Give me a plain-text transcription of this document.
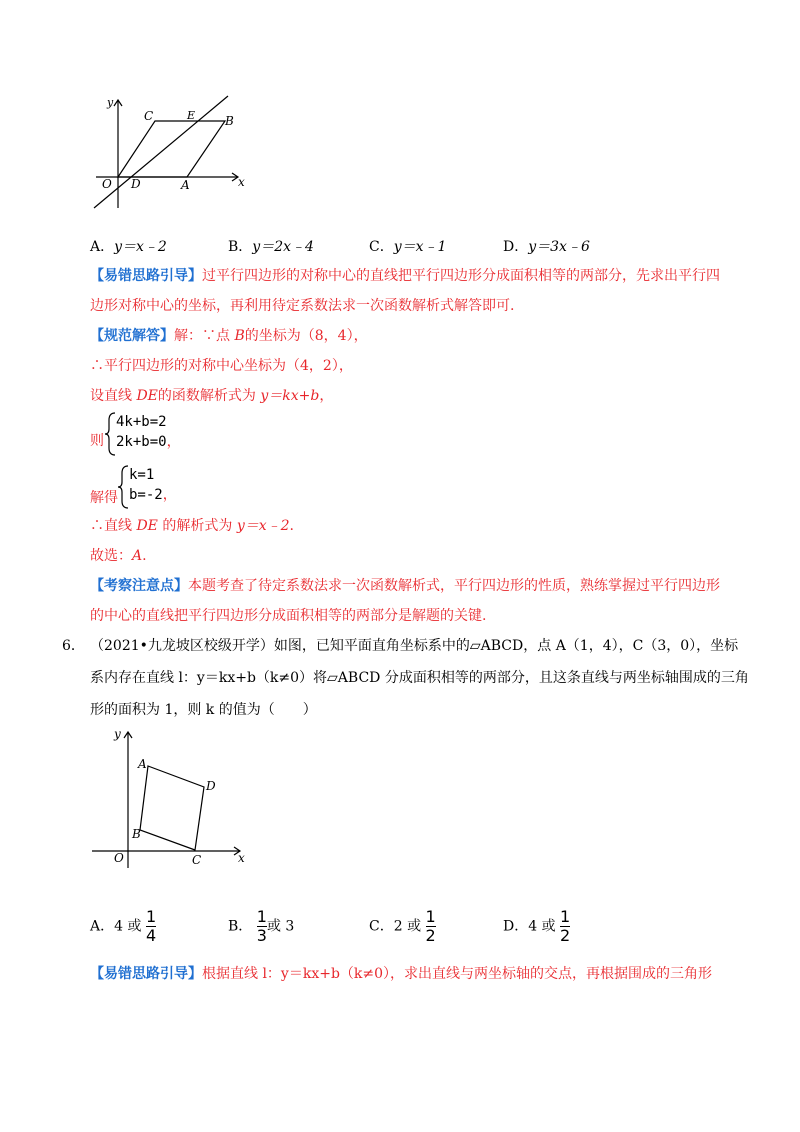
y
x
O
C	E B
D	A
A．y＝x﹣2	B．y＝2x﹣4	C．y＝x﹣1	D．y＝3x﹣6
【易错思路引导】过平行四边形的对称中心的直线把平行四边形分成面积相等的两部分，先求出平行四
边形对称中心的坐标，再利用待定系数法求一次函数解析式解答即可.
【规范解答】解：∵点 B的坐标为（8，4），
∴平行四边形的对称中心坐标为（4，2），
设直线 DE的函数解析式为 y＝kx+b，
则
4k+b=2
2k+b=0，
解得
k=1
b=-2，
∴直线 DE 的解析式为 y＝x﹣2.
故选：A.
【考察注意点】本题考查了待定系数法求一次函数解析式，平行四边形的性质，熟练掌握过平行四边形
的中心的直线把平行四边形分成面积相等的两部分是解题的关键.
6． （2021•九龙坡区校级开学）如图，已知平面直角坐标系中的▱ABCD，点 A（1，4），C（3，0），坐标
系内存在直线 l：y＝kx+b（k≠0）将▱ABCD 分成面积相等的两部分，且这条直线与两坐标轴围成的三角
形的面积为 1，则 k 的值为（　　）
y
x
O
A
B
C
D
A．4 或 $\frac{1}{4}$	B． $\frac{1}{3}$ 或 3	C．2 或 $\frac{1}{2}$	D．4 或 $\frac{1}{2}$
【易错思路引导】根据直线 l：y＝kx+b（k≠0），求出直线与两坐标轴的交点，再根据围成的三角形
